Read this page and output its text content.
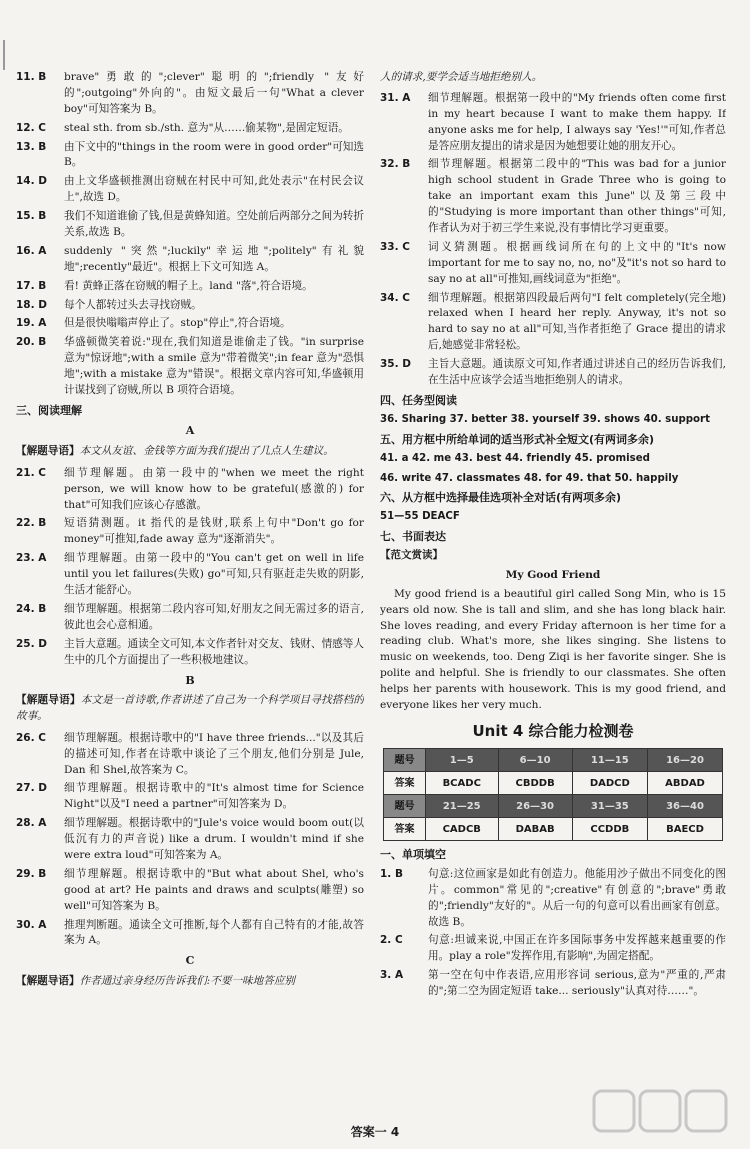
11. B	brave"勇敢的";clever"聪明的";friendly "友好的";outgoing"外向的"。由短文最后一句"What a clever boy"可知答案为 B。
12. C	steal sth. from sb./sth. 意为"从……偷某物",是固定短语。
13. B	由下文中的"things in the room were in good order"可知选 B。
14. D	由上文华盛顿推测出窃贼在村民中可知,此处表示"在村民会议上",故选 D。
15. B	我们不知道谁偷了钱,但是黄蜂知道。空处前后两部分之间为转折关系,故选 B。
16. A	suddenly "突然";luckily"幸运地";politely"有礼貌地";recently"最近"。根据上下文可知选 A。
17. B	看! 黄蜂正落在窃贼的帽子上。land "落",符合语境。
18. D	每个人都转过头去寻找窃贼。
19. A	但是很快嗡嗡声停止了。stop"停止",符合语境。
20. B	华盛顿微笑着说:"现在,我们知道是谁偷走了钱。"in surprise 意为"惊讶地";with a smile 意为"带着微笑";in fear 意为"恐惧地";with a mistake 意为"错误"。根据文章内容可知,华盛顿用计谋找到了窃贼,所以 B 项符合语境。
三、阅读理解
A
【解题导语】本文从友谊、金钱等方面为我们提出了几点人生建议。
21. C	细节理解题。由第一段中的"when we meet the right person, we will know how to be grateful(感激的) for that"可知我们应该心存感激。
22. B	短语猜测题。it 指代的是钱财,联系上句中"Don't go for money"可推知,fade away 意为"逐渐消失"。
23. A	细节理解题。由第一段中的"You can't get on well in life until you let failures(失败) go"可知,只有驱赶走失败的阴影,生活才能舒心。
24. B	细节理解题。根据第二段内容可知,好朋友之间无需过多的语言,彼此也会心意相通。
25. D	主旨大意题。通读全文可知,本文作者针对交友、钱财、情感等人生中的几个方面提出了一些积极地建议。
B
【解题导语】本文是一首诗歌,作者讲述了自己为一个科学项目寻找搭档的故事。
26. C	细节理解题。根据诗歌中的"I have three friends..."以及其后的描述可知,作者在诗歌中谈论了三个朋友,他们分别是 Jule, Dan 和 Shel,故答案为 C。
27. D	细节理解题。根据诗歌中的"It's almost time for Science Night"以及"I need a partner"可知答案为 D。
28. A	细节理解题。根据诗歌中的"Jule's voice would boom out(以低沉有力的声音说) like a drum. I wouldn't mind if she were extra loud"可知答案为 A。
29. B	细节理解题。根据诗歌中的"But what about Shel, who's good at art? He paints and draws and sculpts(雕塑) so well"可知答案为 B。
30. A	推理判断题。通读全文可推断,每个人都有自己特有的才能,故答案为 A。
C
【解题导语】作者通过亲身经历告诉我们:不要一味地答应别
人的请求,要学会适当地拒绝别人。
31. A	细节理解题。根据第一段中的"My friends often come first in my heart because I want to make them happy. If anyone asks me for help, I always say 'Yes!'"可知,作者总是答应朋友提出的请求是因为她想要让她的朋友开心。
32. B	细节理解题。根据第二段中的"This was bad for a junior high school student in Grade Three who is going to take an important exam this June"以及第三段中的"Studying is more important than other things"可知,作者认为对于初三学生来说,没有事情比学习更重要。
33. C	词义猜测题。根据画线词所在句的上文中的"It's now important for me to say no, no, no"及"it's not so hard to say no at all"可推知,画线词意为"拒绝"。
34. C	细节理解题。根据第四段最后两句"I felt completely(完全地) relaxed when I heard her reply. Anyway, it's not so hard to say no at all"可知,当作者拒绝了 Grace 提出的请求后,她感觉非常轻松。
35. D	主旨大意题。通读原文可知,作者通过讲述自己的经历告诉我们,在生活中应该学会适当地拒绝别人的请求。
四、任务型阅读
36. Sharing 37. better 38. yourself 39. shows 40. support
五、用方框中所给单词的适当形式补全短文(有两词多余)
41. a 42. me 43. best 44. friendly 45. promised
46. write 47. classmates 48. for 49. that 50. happily
六、从方框中选择最佳选项补全对话(有两项多余)
51—55 DEACF
七、书面表达
【范文赏读】
My Good Friend
My good friend is a beautiful girl called Song Min, who is 15 years old now. She is tall and slim, and she has long black hair. She loves reading, and every Friday afternoon is her time for a reading club. What's more, she likes singing. She listens to music on weekends, too. Deng Ziqi is her favorite singer. She is polite and helpful. She is friendly to our classmates. She often helps her parents with housework. This is my good friend, and everyone likes her very much.
Unit 4 综合能力检测卷
题号	1—5	6—10	11—15	16—20
答案	BCADC	CBDDB	DADCD	ABDAD
题号	21—25	26—30	31—35	36—40
答案	CADCB	DABAB	CCDDB	BAECD
一、单项填空
1. B	句意:这位画家是如此有创造力。他能用沙子做出不同变化的图片。common"常见的";creative"有创意的";brave"勇敢的";friendly"友好的"。从后一句的句意可以看出画家有创意。故选 B。
2. C	句意:坦诚来说,中国正在许多国际事务中发挥越来越重要的作用。play a role"发挥作用,有影响",为固定搭配。
3. A	第一空在句中作表语,应用形容词 serious,意为"严重的,严肃的";第二空为固定短语 take... seriously"认真对待……"。
答案一 4
